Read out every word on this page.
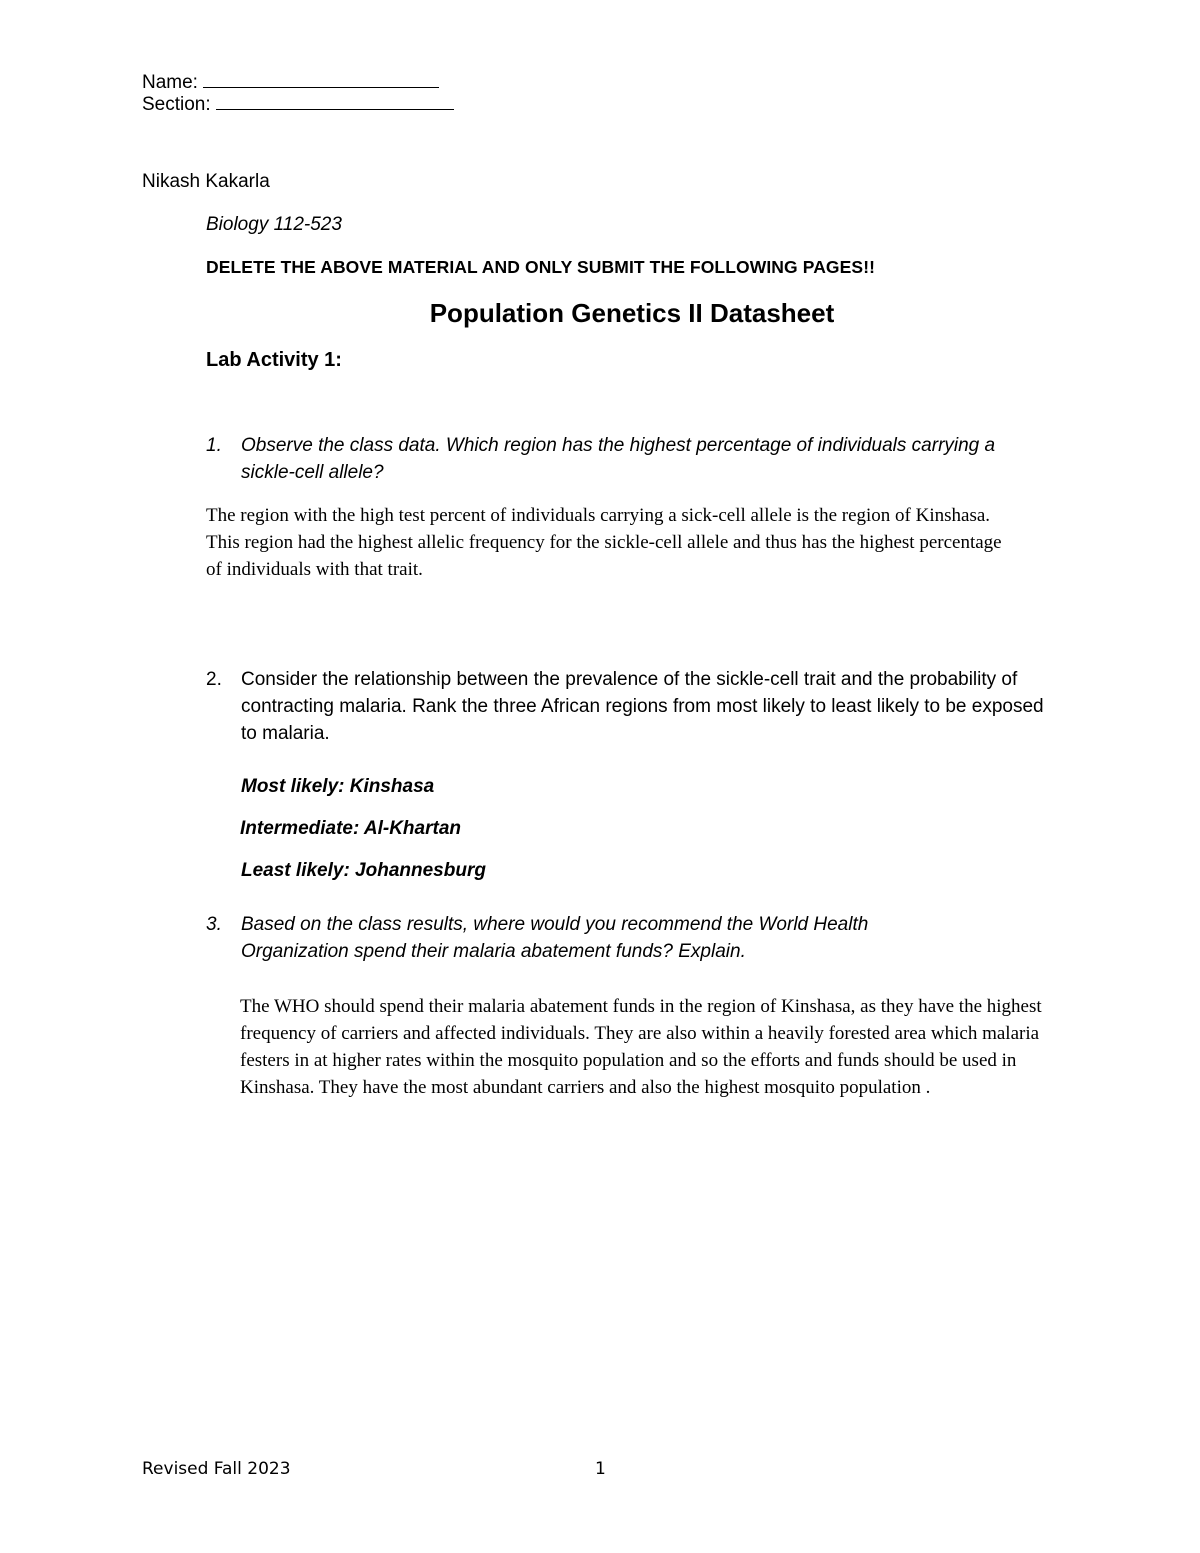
Name:
Section:
Nikash Kakarla
Biology 112-523
DELETE THE ABOVE MATERIAL AND ONLY SUBMIT THE FOLLOWING PAGES!!
Population Genetics II Datasheet
Lab Activity 1:
1. Observe the class data. Which region has the highest percentage of individuals carrying a sickle-cell allele?
The region with the high test percent of individuals carrying a sick-cell allele is the region of Kinshasa. This region had the highest allelic frequency for the sickle-cell allele and thus has the highest percentage of individuals with that trait.
2. Consider the relationship between the prevalence of the sickle-cell trait and the probability of contracting malaria. Rank the three African regions from most likely to least likely to be exposed to malaria.
Most likely: Kinshasa
Intermediate: Al-Khartan
Least likely: Johannesburg
3. Based on the class results, where would you recommend the World Health Organization spend their malaria abatement funds? Explain.
The WHO should spend their malaria abatement funds in the region of Kinshasa, as they have the highest frequency of carriers and affected individuals. They are also within a heavily forested area which malaria festers in at higher rates within the mosquito population and so the efforts and funds should be used in Kinshasa. They have the most abundant carriers and also the highest mosquito population .
Revised Fall 2023	1
